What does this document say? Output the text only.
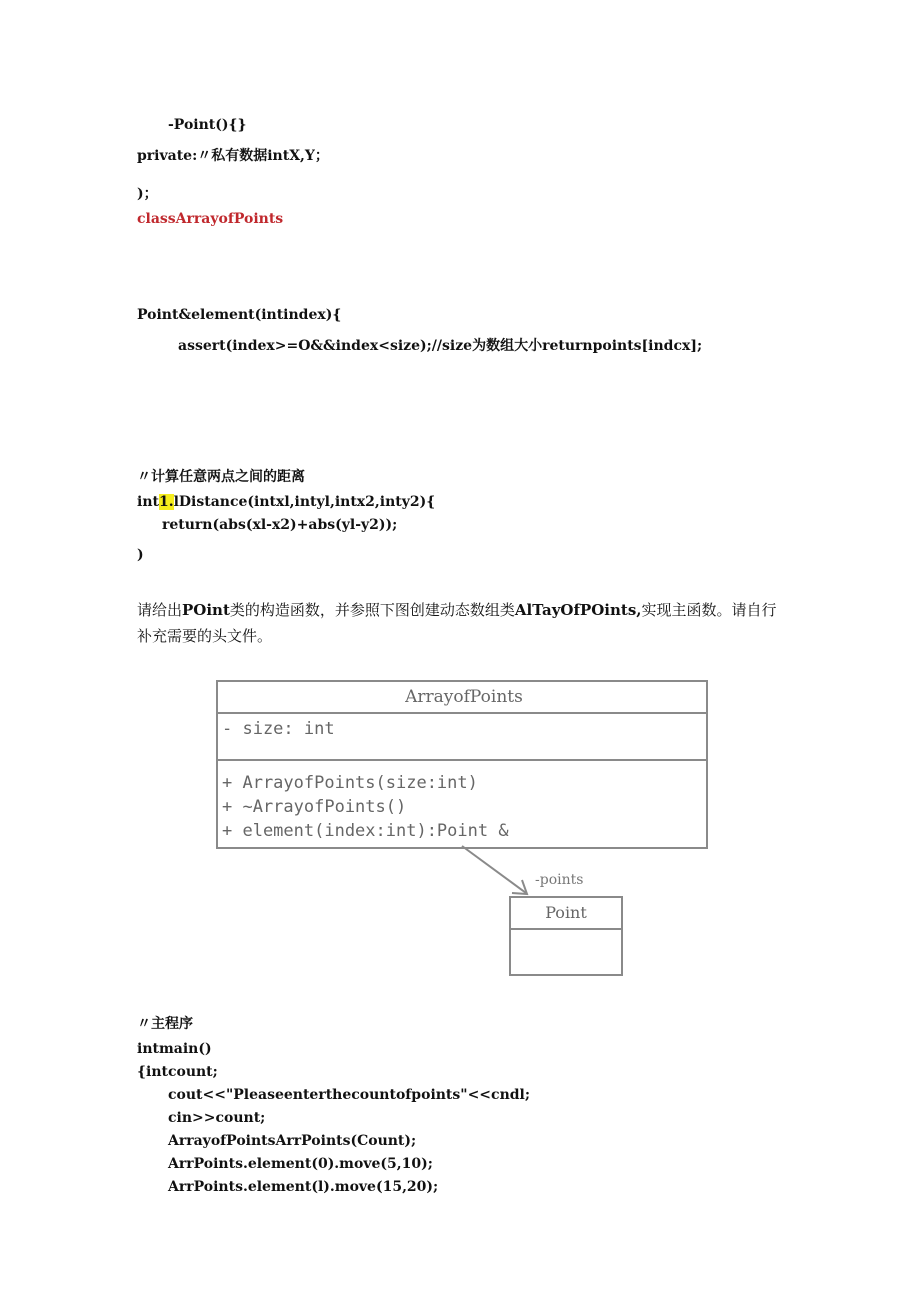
-Point(){}
private:〃私有数据intX,Y；
)；
classArrayofPoints
Point&element(intindex){
assert(index>=O&&index<size);//size为数组大小returnpoints[indcx];
〃计算任意两点之间的距离
int1.lDistance(intxl,intyl,intx2,inty2){
return(abs(xl-x2)+abs(yl-y2));
)
请给出POint类的构造函数，并参照下图创建动态数组类AlTayOfPOints,实现主函数。请自行补充需要的头文件。
ArrayofPoints
- size: int
+ ArrayofPoints(size:int)
+ ~ArrayofPoints()
+ element(index:int):Point &
-points
Point
〃主程序
intmain()
{intcount;
cout<<"Pleaseenterthecountofpoints"<<cndl;
cin>>count;
ArrayofPointsArrPoints(Count);
ArrPoints.element(0).move(5,10);
ArrPoints.element(l).move(15,20);
